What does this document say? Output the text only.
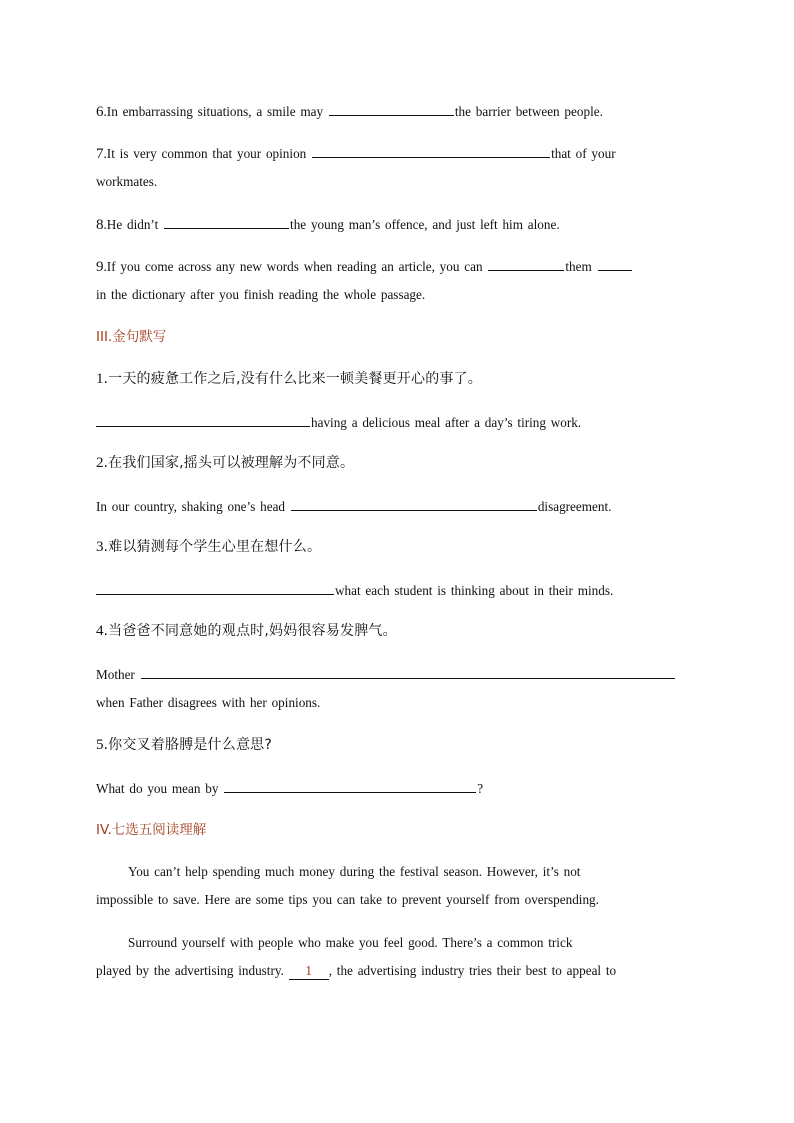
6.In embarrassing situations, a smile may	the barrier between people.
7.It is very common that your opinion	that of your
workmates.
8.He didn’t	the young man’s offence, and just left him alone.
9.If you come across any new words when reading an article, you can	them
in the dictionary after you finish reading the whole passage.
III.金句默写
1.一天的疲惫工作之后,没有什么比来一顿美餐更开心的事了。
having a delicious meal after a day’s tiring work.
2.在我们国家,摇头可以被理解为不同意。
In our country, shaking one’s head	disagreement.
3.难以猜测每个学生心里在想什么。
what each student is thinking about in their minds.
4.当爸爸不同意她的观点时,妈妈很容易发脾气。
Mother
when Father disagrees with her opinions.
5.你交叉着胳膊是什么意思?
What do you mean by	?
IV.七选五阅读理解
You can’t help spending much money during the festival season. However, it’s not
impossible to save. Here are some tips you can take to prevent yourself from overspending.
Surround yourself with people who make you feel good. There’s a common trick
played by the advertising industry. 1 , the advertising industry tries their best to appeal to
